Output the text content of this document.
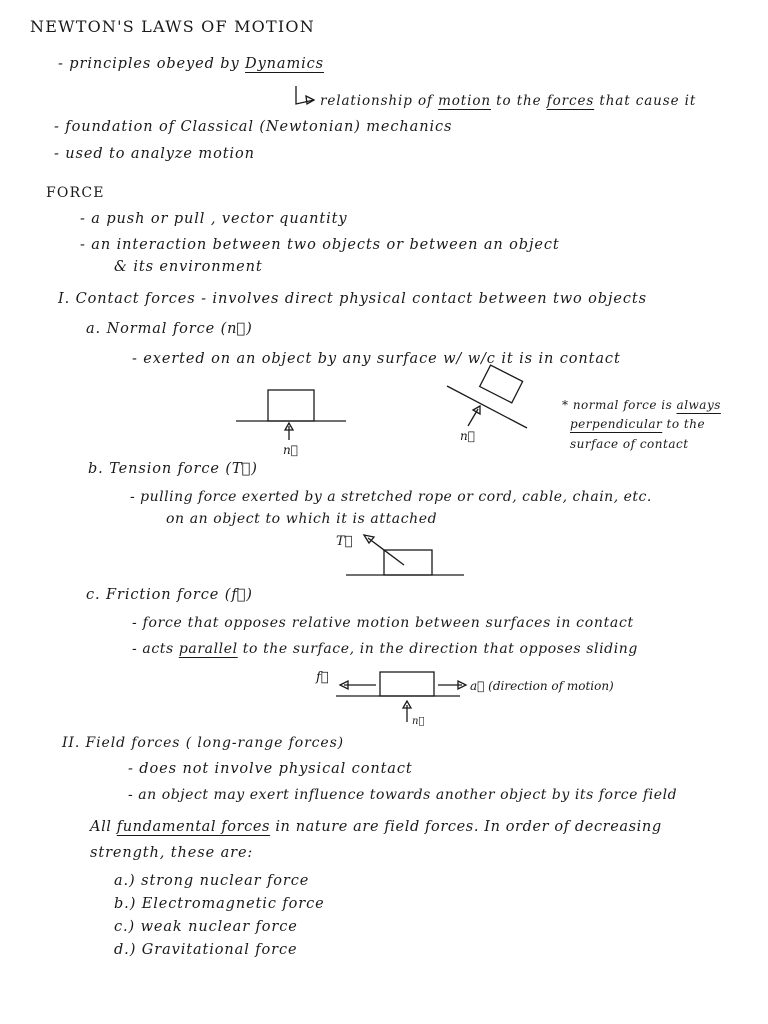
NEWTON'S LAWS OF MOTION
- principles obeyed by Dynamics
relationship of motion to the forces that cause it
- foundation of Classical (Newtonian) mechanics
- used to analyze motion
FORCE
- a push or pull , vector quantity
- an interaction between two objects or between an object
& its environment
I. Contact forces - involves direct physical contact between two objects
a. Normal force (n⃗)
- exerted on an object by any surface w/ w/c it is in contact
n⃗
n⃗
* normal force is always
perpendicular to the
surface of contact
b. Tension force (T⃗)
- pulling force exerted by a stretched rope or cord, cable, chain, etc.
on an object to which it is attached
T⃗
c. Friction force (f⃗)
- force that opposes relative motion between surfaces in contact
- acts parallel to the surface, in the direction that opposes sliding
f⃗
a⃗ (direction of motion)
n⃗
II. Field forces ( long-range forces)
- does not involve physical contact
- an object may exert influence towards another object by its force field
All fundamental forces in nature are field forces. In order of decreasing
strength, these are:
a.) strong nuclear force
b.) Electromagnetic force
c.) weak nuclear force
d.) Gravitational force
